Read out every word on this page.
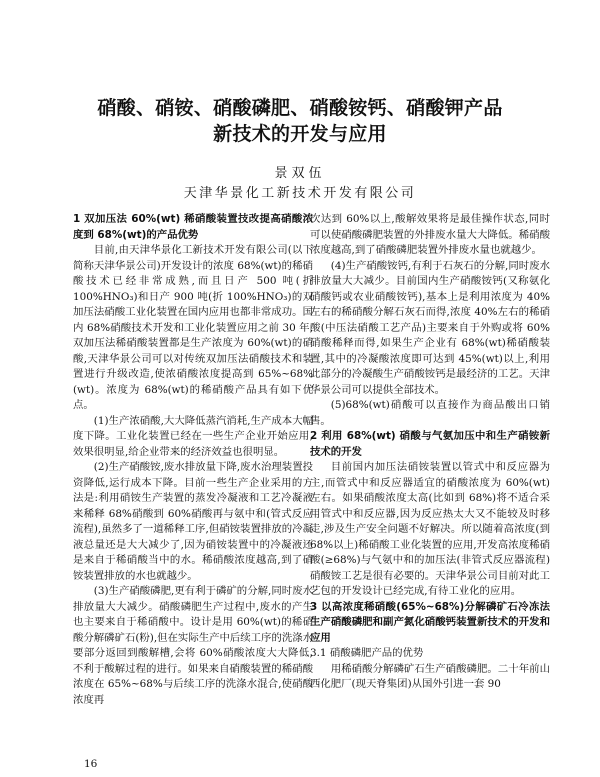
硝酸、硝铵、硝酸磷肥、硝酸铵钙、硝酸钾产品
新技术的开发与应用
景双伍
天津华景化工新技术开发有限公司
1 双加压法 60%(wt) 稀硝酸装置技改提高硝酸浓度到 68%(wt)的产品优势

目前,由天津华景化工新技术开发有限公司(以下简称天津华景公司)开发设计的浓度 68%(wt)的稀硝酸技术已经非常成熟,而且日产 500 吨(折 100%HNO₃)和日产 900 吨(折 100%HNO₃)的双加压法硝酸工业化装置在国内应用也都非常成功。国内 68%硝酸技术开发和工业化装置应用之前 30 年,双加压法稀硝酸装置都是生产浓度为 60%(wt)的硝酸,天津华景公司可以对传统双加压法硝酸技术和装置进行升级改造,使浓硝酸浓度提高到 65%~68%(wt)。浓度为 68%(wt)的稀硝酸产品具有如下优点。

(1)生产浓硝酸,大大降低蒸汽消耗,生产成本大幅度下降。工业化装置已经在一些生产企业开始应用,效果很明显,给企业带来的经济效益也很明显。

(2)生产硝酸铵,废水排放量下降,废水治理装置投资降低,运行成本下降。目前一些生产企业采用的方法是:利用硝铵生产装置的蒸发冷凝液和工艺冷凝液来稀释 68%硝酸到 60%硝酸再与氨中和(管式反应流程),虽然多了一道稀释工序,但硝铵装置排放的冷凝液总量还是大大减少了,因为硝铵装置中的冷凝液还是来自于稀硝酸当中的水。稀硝酸浓度越高,到了硝铵装置排放的水也就越少。

(3)生产硝酸磷肥,更有利于磷矿的分解,同时废水排放量大大减少。硝酸磷肥生产过程中,废水的产生也主要来自于稀硝酸中。设计是用 60%(wt)的稀硝酸分解磷矿石(粉),但在实际生产中后续工序的洗涤水要部分返回到酸解槽,会将 60%硝酸浓度大大降低,不利于酸解过程的进行。如果来自硝酸装置的稀硝酸浓度在 65%~68%与后续工序的洗涤水混合,使硝酸浓度再

次达到 60%以上,酸解效果将是最佳操作状态,同时可以使硝酸磷肥装置的外排废水量大大降低。稀硝酸浓度越高,到了硝酸磷肥装置外排废水量也就越少。

(4)生产硝酸铵钙,有利于石灰石的分解,同时废水排放量大大减少。目前国内生产硝酸铵钙(又称氨化硝酸钙或农业硝酸铵钙),基本上是利用浓度为 40%左右的稀硝酸分解石灰石而得,浓度 40%左右的稀硝酸(中压法硝酸工艺产品)主要来自于外购或将 60%硝酸稀释而得,如果生产企业有 68%(wt)稀硝酸装置,其中的冷凝酸浓度即可达到 45%(wt)以上,利用此部分的冷凝酸生产硝酸铵钙是最经济的工艺。天津华景公司可以提供全部技术。

(5)68%(wt)硝酸可以直接作为商品酸出口销售。

2 利用 68%(wt) 硝酸与气氨加压中和生产硝铵新技术的开发

目前国内加压法硝铵装置以管式中和反应器为主,而管式中和反应器适宜的硝酸浓度为 60%(wt) 左右。如果硝酸浓度太高(比如到 68%)将不适合采用管式中和反应器,因为反应热太大又不能较及时移走,涉及生产安全问题不好解决。所以随着高浓度(到 68%以上)稀硝酸工业化装置的应用,开发高浓度稀硝酸(≥68%)与气氨中和的加压法(非管式反应器流程)硝酸铵工艺是很有必要的。天津华景公司目前对此工艺包的开发设计已经完成,有待工业化的应用。

3 以高浓度稀硝酸(65%~68%)分解磷矿石冷冻法生产硝酸磷肥和副产氮化硝酸钙装置新技术的开发和应用
3.1 硝酸磷肥产品的优势

用稀硝酸分解磷矿石生产硝酸磷肥。二十年前山西化肥厂(现天脊集团)从国外引进一套 90

16
